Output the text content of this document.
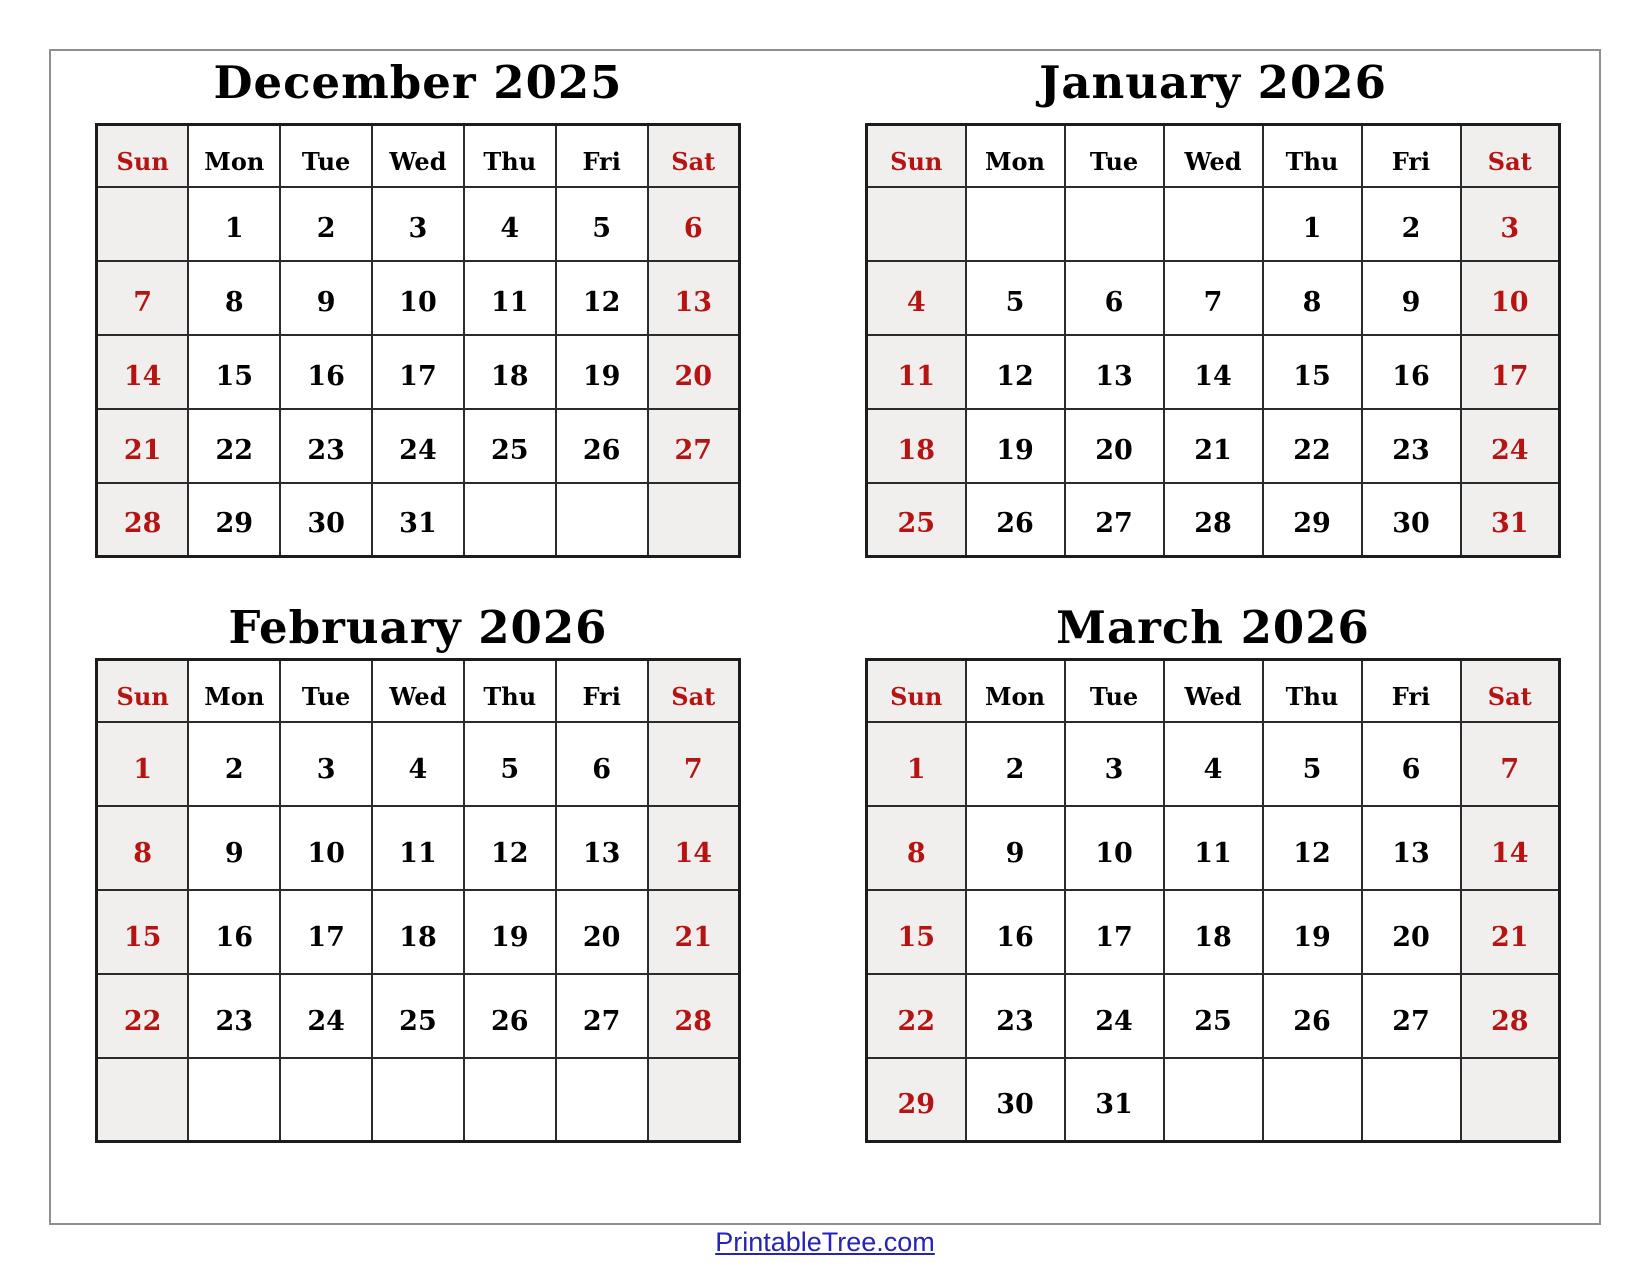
December 2025
Sun	Mon	Tue	Wed	Thu	Fri	Sat
	1	2	3	4	5	6
7	8	9	10	11	12	13
14	15	16	17	18	19	20
21	22	23	24	25	26	27
28	29	30	31			
January 2026
Sun	Mon	Tue	Wed	Thu	Fri	Sat
				1	2	3
4	5	6	7	8	9	10
11	12	13	14	15	16	17
18	19	20	21	22	23	24
25	26	27	28	29	30	31
February 2026
Sun	Mon	Tue	Wed	Thu	Fri	Sat
1	2	3	4	5	6	7
8	9	10	11	12	13	14
15	16	17	18	19	20	21
22	23	24	25	26	27	28

March 2026
Sun	Mon	Tue	Wed	Thu	Fri	Sat
1	2	3	4	5	6	7
8	9	10	11	12	13	14
15	16	17	18	19	20	21
22	23	24	25	26	27	28
29	30	31				
PrintableTree.com
